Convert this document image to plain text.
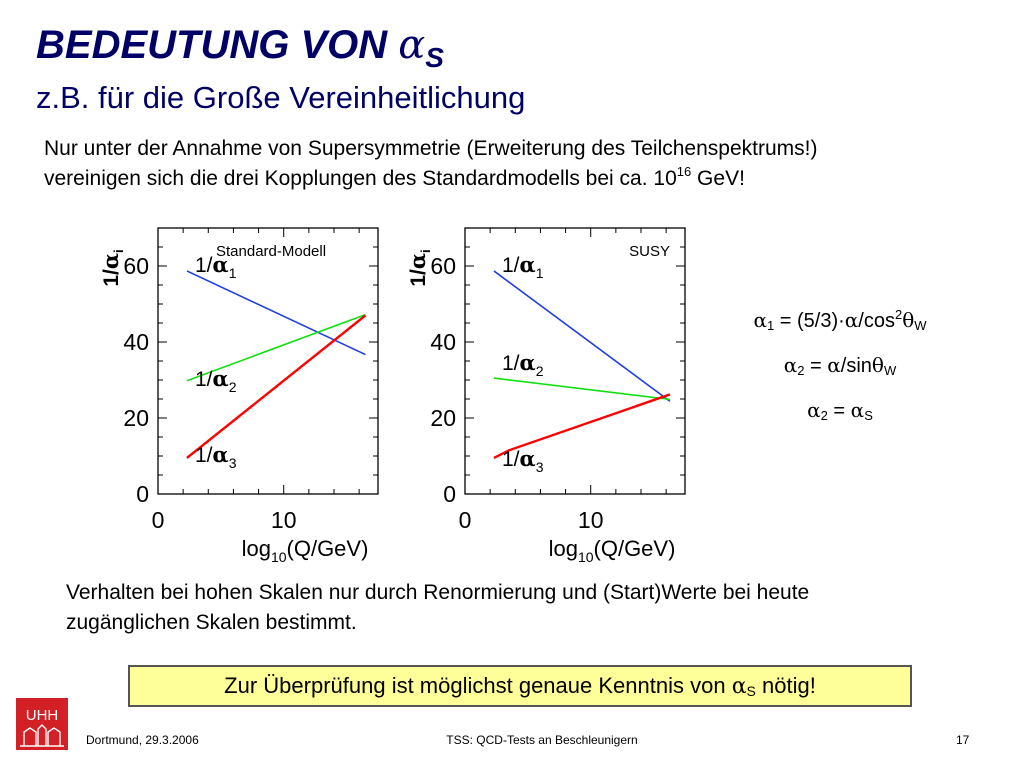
BEDEUTUNG VON $\alpha_S$
z.B. für die Große Vereinheitlichung
Nur unter der Annahme von Supersymmetrie (Erweiterung des Teilchenspektrums!)
vereinigen sich die drei Kopplungen des Standardmodells bei ca. $10^{16}$ GeV!
0
20
40
60
0	10
$\log_{10}(Q/GeV)$
$1/\alpha_i$	Standard-Modell
$1/\alpha_1$
$1/\alpha_2$
$1/\alpha_3$
0
20
40
60
0	10
$\log_{10}(Q/GeV)$
$1/\alpha_i$	SUSY
$1/\alpha_1$
$1/\alpha_2$
$1/\alpha_3$
$\alpha_1 = (5/3)\cdot\alpha/\cos^2\theta_W$
$\alpha_2 = \alpha/\sin\theta_W$
$\alpha_2 = \alpha_S$
Verhalten bei hohen Skalen nur durch Renormierung und (Start)Werte bei heute
zugänglichen Skalen bestimmt.
Zur Überprüfung ist möglichst genaue Kenntnis von $\alpha_S$ nötig!
UHH
Dortmund, 29.3.2006	TSS: QCD-Tests an Beschleunigern	17
